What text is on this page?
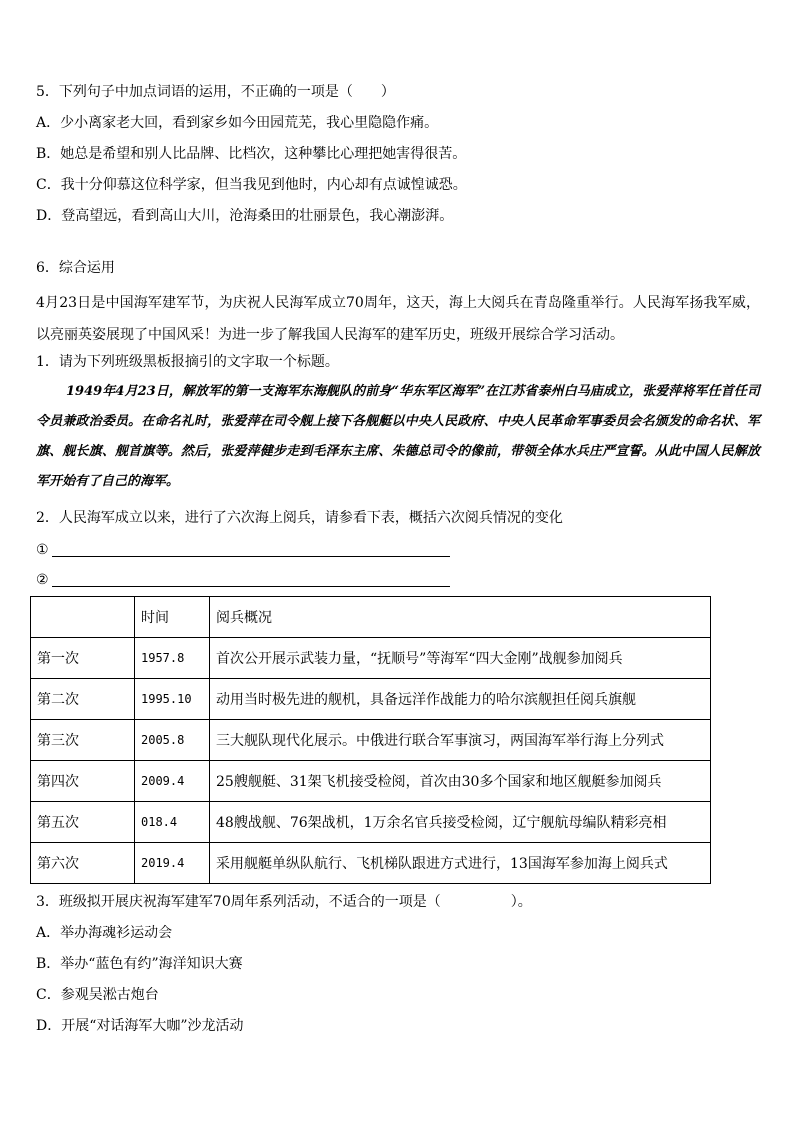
5．下列句子中加点词语的运用，不正确的一项是（　　）
A．少小离家老大回，看到家乡如今田园荒芜，我心里隐隐作痛。
B．她总是希望和别人比品牌、比档次，这种攀比心理把她害得很苦。
C．我十分仰慕这位科学家，但当我见到他时，内心却有点诚惶诚恐。
D．登高望远，看到高山大川，沧海桑田的壮丽景色，我心潮澎湃。
6．综合运用
4月23日是中国海军建军节，为庆祝人民海军成立70周年，这天，海上大阅兵在青岛隆重举行。人民海军扬我军威，以亮丽英姿展现了中国风采！为进一步了解我国人民海军的建军历史，班级开展综合学习活动。
1．请为下列班级黑板报摘引的文字取一个标题。
1949年4月23日，解放军的第一支海军东海舰队的前身“华东军区海军”在江苏省泰州白马庙成立，张爱萍将军任首任司令员兼政治委员。在命名礼时，张爱萍在司令舰上接下各舰艇以中央人民政府、中央人民革命军事委员会名颁发的命名状、军旗、舰长旗、舰首旗等。然后，张爱萍健步走到毛泽东主席、朱德总司令的像前，带领全体水兵庄严宣誓。从此中国人民解放军开始有了自己的海军。
2．人民海军成立以来，进行了六次海上阅兵，请参看下表，概括六次阅兵情况的变化
①
②
	时间	阅兵概况
第一次	1957.8	首次公开展示武装力量，“抚顺号”等海军“四大金刚”战舰参加阅兵
第二次	1995.10	动用当时极先进的舰机，具备远洋作战能力的哈尔滨舰担任阅兵旗舰
第三次	2005.8	三大舰队现代化展示。中俄进行联合军事演习，两国海军举行海上分列式
第四次	2009.4	25艘舰艇、31架飞机接受检阅，首次由30多个国家和地区舰艇参加阅兵
第五次	018.4	48艘战舰、76架战机，1万余名官兵接受检阅，辽宁舰航母编队精彩亮相
第六次	2019.4	采用舰艇单纵队航行、飞机梯队跟进方式进行，13国海军参加海上阅兵式
3．班级拟开展庆祝海军建军70周年系列活动，不适合的一项是（　　　　　）。
A．举办海魂衫运动会
B．举办“蓝色有约”海洋知识大赛
C．参观吴淞古炮台
D．开展“对话海军大咖”沙龙活动
